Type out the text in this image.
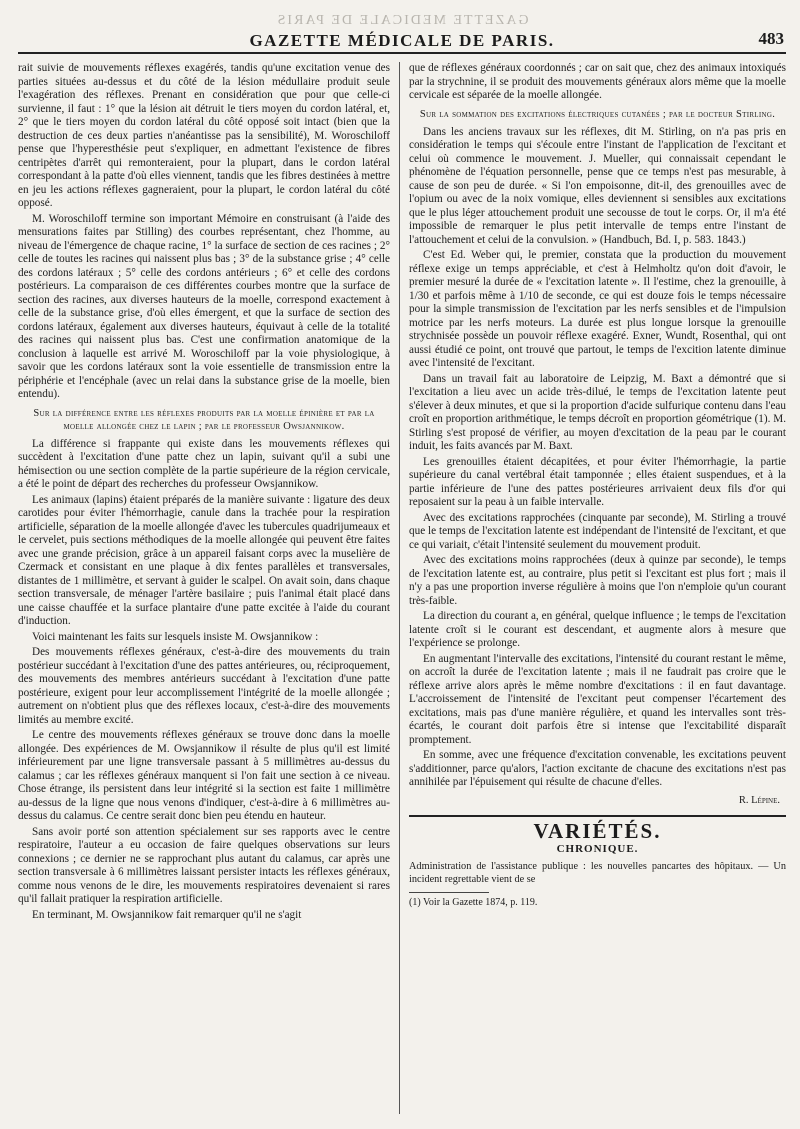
GAZETTE MEDICALE DE PARIS
GAZETTE MÉDICALE DE PARIS.	483

rait suivie de mouvements réflexes exagérés, tandis qu'une excitation venue des parties situées au-dessus et du côté de la lésion médullaire produit seule l'exagération des réflexes. Prenant en considération que pour que celle-ci survienne, il faut : 1° que la lésion ait détruit le tiers moyen du cordon latéral, et, 2° que le tiers moyen du cordon latéral du côté opposé soit intact (bien que la destruction de ces deux parties n'anéantisse pas la sensibilité), M. Woroschiloff pense que l'hyperesthésie peut s'expliquer, en admettant l'existence de fibres centripètes d'arrêt qui remonteraient, pour la plupart, dans le cordon latéral correspondant à la patte d'où elles viennent, tandis que les fibres destinées à mettre en jeu les actions réflexes gagneraient, pour la plupart, le cordon latéral du côté opposé.

M. Woroschiloff termine son important Mémoire en construisant (à l'aide des mensurations faites par Stilling) des courbes représentant, chez l'homme, au niveau de l'émergence de chaque racine, 1° la surface de section de ces racines ; 2° celle de toutes les racines qui naissent plus bas ; 3° de la substance grise ; 4° celle des cordons latéraux ; 5° celle des cordons antérieurs ; 6° et celle des cordons postérieurs. La comparaison de ces différentes courbes montre que la surface de section des racines, aux diverses hauteurs de la moelle, correspond exactement à celle de la substance grise, d'où elles émergent, et que la surface de section des cordons latéraux, également aux diverses hauteurs, équivaut à celle de la totalité des racines qui naissent plus bas. C'est une confirmation anatomique de la conclusion à laquelle est arrivé M. Woroschiloff par la voie physiologique, à savoir que les cordons latéraux sont la voie essentielle de transmission entre la périphérie et l'encéphale (avec un relai dans la substance grise de la moelle, bien entendu).

Sur la différence entre les réflexes produits par la moelle épinière et par la moelle allongée chez le lapin ; par le professeur Owsjannikow.

La différence si frappante qui existe dans les mouvements réflexes qui succèdent à l'excitation d'une patte chez un lapin, suivant qu'il a subi une hémisection ou une section complète de la partie supérieure de la région cervicale, a été le point de départ des recherches du professeur Owsjannikow.

Les animaux (lapins) étaient préparés de la manière suivante : ligature des deux carotides pour éviter l'hémorrhagie, canule dans la trachée pour la respiration artificielle, séparation de la moelle allongée d'avec les tubercules quadrijumeaux et le cervelet, puis sections méthodiques de la moelle allongée qui peuvent être faites avec une grande précision, grâce à un appareil faisant corps avec la muselière de Czermack et consistant en une plaque à dix fentes parallèles et transversales, distantes de 1 millimètre, et servant à guider le scalpel. On avait soin, dans chaque section transversale, de ménager l'artère basilaire ; puis l'animal était placé dans une caisse chauffée et la surface plantaire d'une patte excitée à l'aide du courant d'induction.

Voici maintenant les faits sur lesquels insiste M. Owsjannikow :

Des mouvements réflexes généraux, c'est-à-dire des mouvements du train postérieur succédant à l'excitation d'une des pattes antérieures, ou, réciproquement, des mouvements des membres antérieurs succédant à l'excitation d'une patte postérieure, exigent pour leur accomplissement l'intégrité de la moelle allongée ; autrement on n'obtient plus que des réflexes locaux, c'est-à-dire des mouvements limités au membre excité.

Le centre des mouvements réflexes généraux se trouve donc dans la moelle allongée. Des expériences de M. Owsjannikow il résulte de plus qu'il est limité inférieurement par une ligne transversale passant à 5 millimètres au-dessus du calamus ; car les réflexes généraux manquent si l'on fait une section à ce niveau. Chose étrange, ils persistent dans leur intégrité si la section est faite 1 millimètre au-dessus de la ligne que nous venons d'indiquer, c'est-à-dire à 6 millimètres au-dessus du calamus. Ce centre serait donc bien peu étendu en hauteur.

Sans avoir porté son attention spécialement sur ses rapports avec le centre respiratoire, l'auteur a eu occasion de faire quelques observations sur leurs connexions ; ce dernier ne se rapprochant plus autant du calamus, car après une section transversale à 6 millimètres laissant persister intacts les réflexes généraux, comme nous venons de le dire, les mouvements respiratoires devenaient si rares qu'il fallait pratiquer la respiration artificielle.

En terminant, M. Owsjannikow fait remarquer qu'il ne s'agit

que de réflexes généraux coordonnés ; car on sait que, chez des animaux intoxiqués par la strychnine, il se produit des mouvements généraux alors même que la moelle cervicale est séparée de la moelle allongée.

Sur la sommation des excitations électriques cutanées ; par le docteur Stirling.

Dans les anciens travaux sur les réflexes, dit M. Stirling, on n'a pas pris en considération le temps qui s'écoule entre l'instant de l'application de l'excitant et celui où commence le mouvement. J. Mueller, qui connaissait cependant le phénomène de l'équation personnelle, pense que ce temps n'est pas mesurable, à cause de son peu de durée. « Si l'on empoisonne, dit-il, des grenouilles avec de l'opium ou avec de la noix vomique, elles deviennent si sensibles aux excitations que le plus léger attouchement produit une secousse de tout le corps. Or, il m'a été impossible de remarquer le plus petit intervalle de temps entre l'instant de l'attouchement et celui de la convulsion. » (Handbuch, Bd. I, p. 583. 1843.)

C'est Ed. Weber qui, le premier, constata que la production du mouvement réflexe exige un temps appréciable, et c'est à Helmholtz qu'on doit d'avoir, le premier mesuré la durée de « l'excitation latente ». Il l'estime, chez la grenouille, à 1/30 et parfois même à 1/10 de seconde, ce qui est douze fois le temps nécessaire pour la simple transmission de l'excitation par les nerfs sensibles et de l'impulsion motrice par les nerfs moteurs. La durée est plus longue lorsque la grenouille strychnisée possède un pouvoir réflexe exagéré. Exner, Wundt, Rosenthal, qui ont aussi étudié ce point, ont trouvé que partout, le temps de l'excition latente diminue avec l'intensité de l'excitant.

Dans un travail fait au laboratoire de Leipzig, M. Baxt a démontré que si l'excitation a lieu avec un acide très-dilué, le temps de l'excitation latente peut s'élever à deux minutes, et que si la proportion d'acide sulfurique contenu dans l'eau croît en proportion arithmétique, le temps décroît en proportion géométrique (1). M. Stirling s'est proposé de vérifier, au moyen d'excitation de la peau par le courant induit, les faits avancés par M. Baxt.

Les grenouilles étaient décapitées, et pour éviter l'hémorrhagie, la partie supérieure du canal vertébral était tamponnée ; elles étaient suspendues, et à la partie inférieure de l'une des pattes postérieures arrivaient deux fils d'or qui reposaient sur la peau à un faible intervalle.

Avec des excitations rapprochées (cinquante par seconde), M. Stirling a trouvé que le temps de l'excitation latente est indépendant de l'intensité de l'excitant, et que ce qui variait, c'était l'intensité seulement du mouvement produit.

Avec des excitations moins rapprochées (deux à quinze par seconde), le temps de l'excitation latente est, au contraire, plus petit si l'excitant est plus fort ; mais il n'y a pas une proportion inverse régulière à moins que l'on n'emploie qu'un courant très-faible.

La direction du courant a, en général, quelque influence ; le temps de l'excitation latente croît si le courant est descendant, et augmente alors à mesure que l'expérience se prolonge.

En augmentant l'intervalle des excitations, l'intensité du courant restant le même, on accroît la durée de l'excitation latente ; mais il ne faudrait pas croire que le réflexe arrive alors après le même nombre d'excitations : il en faut davantage. L'accroissement de l'intensité de l'excitant peut compenser l'écartement des excitations, mais pas d'une manière régulière, et quand les intervalles sont très-écartés, le courant doit parfois être si intense que l'excitabilité disparaît promptement.

En somme, avec une fréquence d'excitation convenable, les excitations peuvent s'additionner, parce qu'alors, l'action excitante de chacune des excitations n'est pas annihilée par l'épuisement qui résulte de chacune d'elles.

R. Lépine.
VARIÉTÉS.
CHRONIQUE.

Administration de l'assistance publique : les nouvelles pancartes des hôpitaux. — Un incident regrettable vient de se

(1) Voir la Gazette 1874, p. 119.
